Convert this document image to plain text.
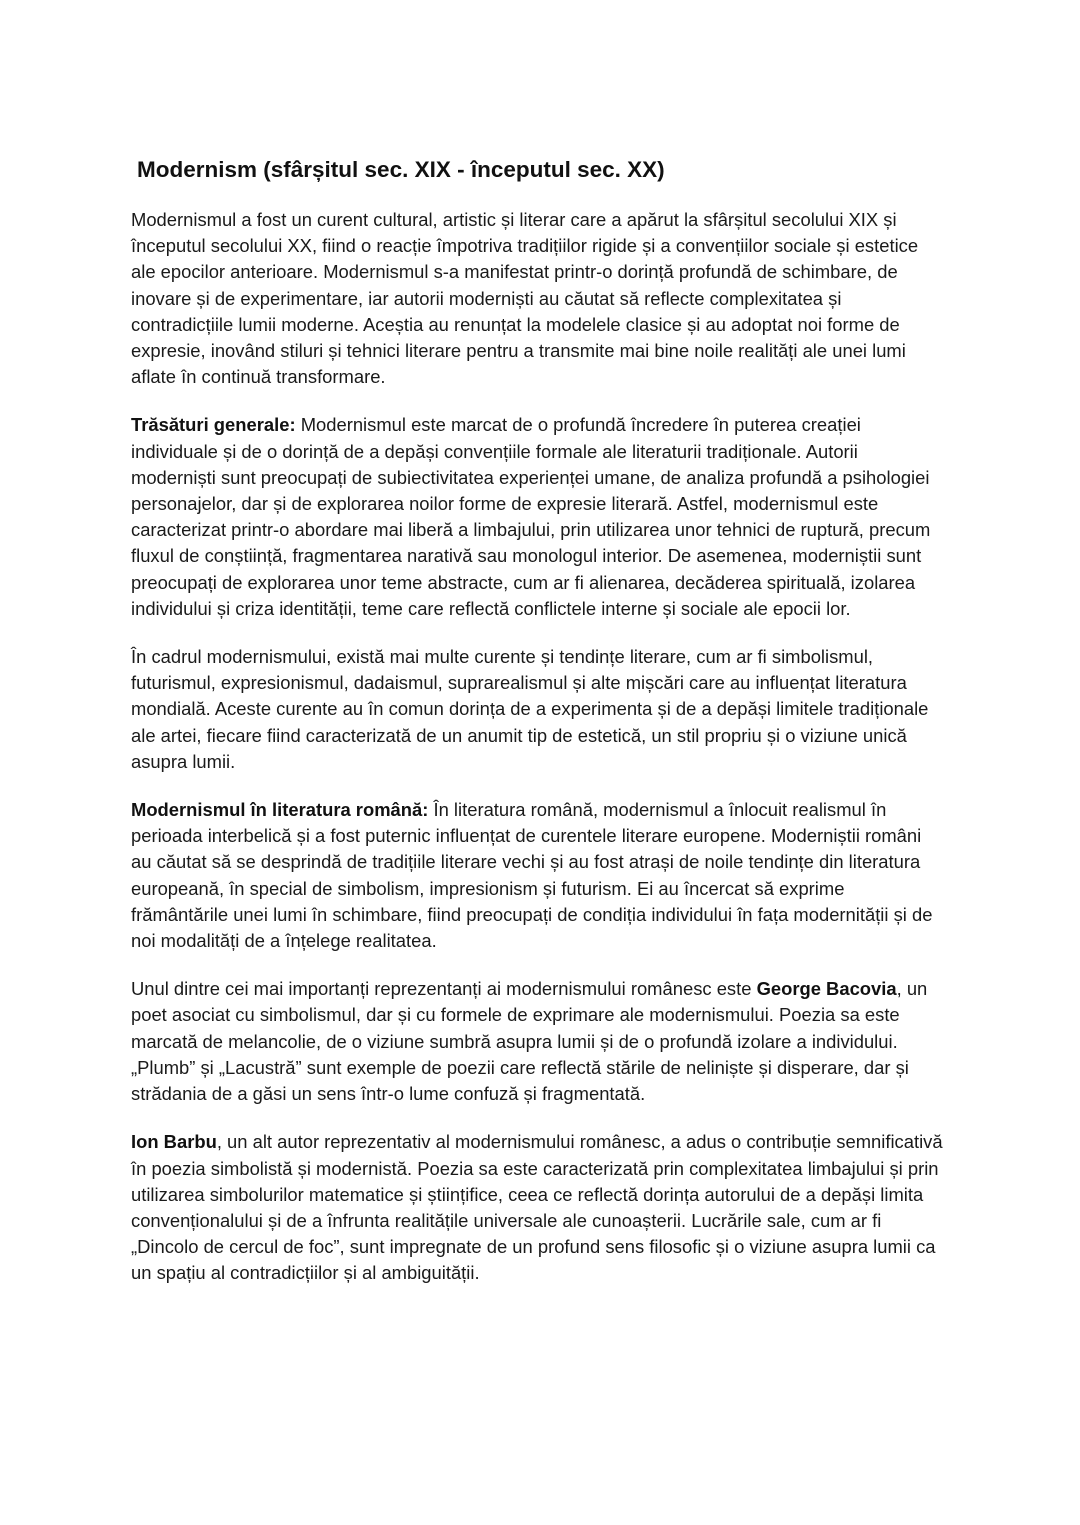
Modernism (sfârșitul sec. XIX - începutul sec. XX)

Modernismul a fost un curent cultural, artistic și literar care a apărut la sfârșitul secolului XIX și începutul secolului XX, fiind o reacție împotriva tradițiilor rigide și a convențiilor sociale și estetice ale epocilor anterioare. Modernismul s-a manifestat printr-o dorință profundă de schimbare, de inovare și de experimentare, iar autorii moderniști au căutat să reflecte complexitatea și contradicțiile lumii moderne. Aceștia au renunțat la modelele clasice și au adoptat noi forme de expresie, inovând stiluri și tehnici literare pentru a transmite mai bine noile realități ale unei lumi aflate în continuă transformare.

Trăsături generale: Modernismul este marcat de o profundă încredere în puterea creației individuale și de o dorință de a depăși convențiile formale ale literaturii tradiționale. Autorii moderniști sunt preocupați de subiectivitatea experienței umane, de analiza profundă a psihologiei personajelor, dar și de explorarea noilor forme de expresie literară. Astfel, modernismul este caracterizat printr-o abordare mai liberă a limbajului, prin utilizarea unor tehnici de ruptură, precum fluxul de conștiință, fragmentarea narativă sau monologul interior. De asemenea, moderniștii sunt preocupați de explorarea unor teme abstracte, cum ar fi alienarea, decăderea spirituală, izolarea individului și criza identității, teme care reflectă conflictele interne și sociale ale epocii lor.

În cadrul modernismului, există mai multe curente și tendințe literare, cum ar fi simbolismul, futurismul, expresionismul, dadaismul, suprarealismul și alte mișcări care au influențat literatura mondială. Aceste curente au în comun dorința de a experimenta și de a depăși limitele tradiționale ale artei, fiecare fiind caracterizată de un anumit tip de estetică, un stil propriu și o viziune unică asupra lumii.

Modernismul în literatura română: În literatura română, modernismul a înlocuit realismul în perioada interbelică și a fost puternic influențat de curentele literare europene. Moderniștii români au căutat să se desprindă de tradițiile literare vechi și au fost atrași de noile tendințe din literatura europeană, în special de simbolism, impresionism și futurism. Ei au încercat să exprime frământările unei lumi în schimbare, fiind preocupați de condiția individului în fața modernității și de noi modalități de a înțelege realitatea.

Unul dintre cei mai importanți reprezentanți ai modernismului românesc este George Bacovia, un poet asociat cu simbolismul, dar și cu formele de exprimare ale modernismului. Poezia sa este marcată de melancolie, de o viziune sumbră asupra lumii și de o profundă izolare a individului. „Plumb” și „Lacustră” sunt exemple de poezii care reflectă stările de neliniște și disperare, dar și strădania de a găsi un sens într-o lume confuză și fragmentată.

Ion Barbu, un alt autor reprezentativ al modernismului românesc, a adus o contribuție semnificativă în poezia simbolistă și modernistă. Poezia sa este caracterizată prin complexitatea limbajului și prin utilizarea simbolurilor matematice și științifice, ceea ce reflectă dorința autorului de a depăși limita convenționalului și de a înfrunta realitățile universale ale cunoașterii. Lucrările sale, cum ar fi „Dincolo de cercul de foc”, sunt impregnate de un profund sens filosofic și o viziune asupra lumii ca un spațiu al contradicțiilor și al ambiguității.
